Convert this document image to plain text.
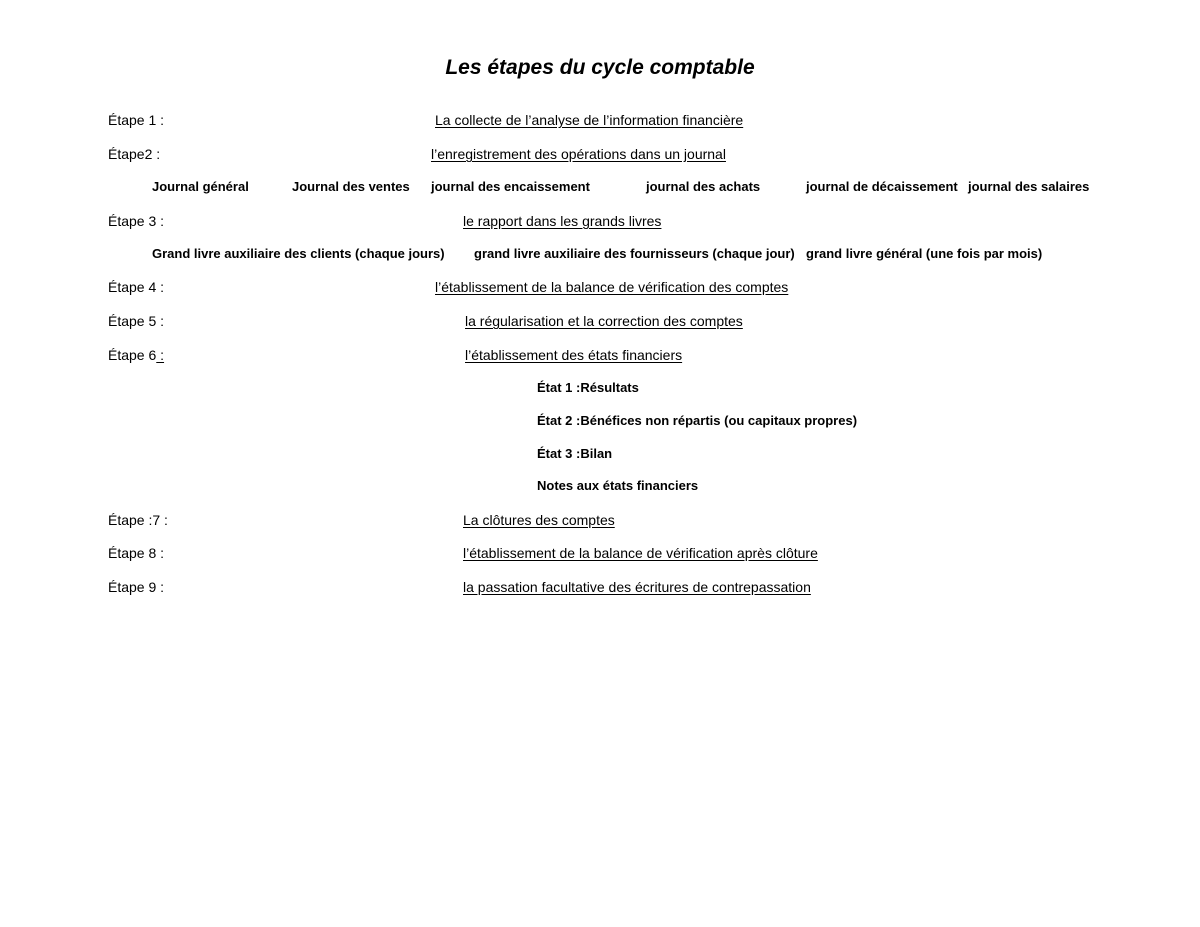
Les étapes du cycle comptable
Étape 1 :	La collecte de l’analyse de l’information financière
Étape2 :	l’enregistrement des opérations dans un journal
Journal général	Journal des ventes journal des encaissement	journal des achats	journal de décaissement journal des salaires
Étape 3 :	le rapport dans les grands livres
Grand livre auxiliaire des clients (chaque jours) grand livre auxiliaire des fournisseurs (chaque jour) grand livre général (une fois par mois)
Étape 4 :	l’établissement de la balance de vérification des comptes
Étape 5 :	la régularisation et la correction des comptes
Étape 6 :	l’établissement des états financiers
État 1 :Résultats
État 2 :Bénéfices non répartis (ou capitaux propres)
État 3 :Bilan
Notes aux états financiers
Étape :7 :	La clôtures des comptes
Étape 8 :	l’établissement de la balance de vérification après clôture
Étape 9 :	la passation facultative des écritures de contrepassation
